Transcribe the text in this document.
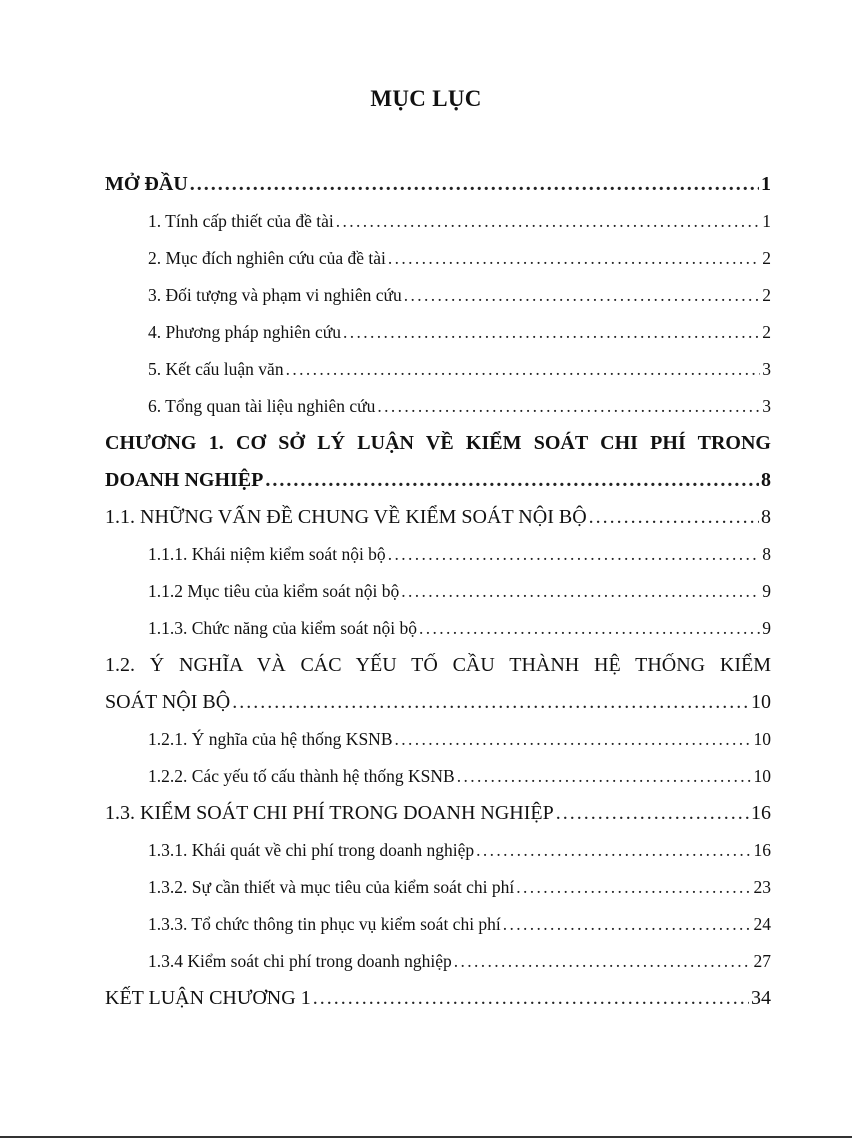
MỤC LỤC
MỞ ĐẦU . . .	1
1. Tính cấp thiết của đề tài . . .	1
2. Mục đích nghiên cứu của đề tài . . .	2
3. Đối tượng và phạm vi nghiên cứu . . .	2
4. Phương pháp nghiên cứu . . .	2
5. Kết cấu luận văn . . .	3
6. Tổng quan tài liệu nghiên cứu . . .	3
CHƯƠNG 1. CƠ SỞ LÝ LUẬN VỀ KIỂM SOÁT CHI PHÍ TRONG
DOANH NGHIỆP . . .	8
1.1. NHỮNG VẤN ĐỀ CHUNG VỀ KIỂM SOÁT NỘI BỘ . . .	8
1.1.1. Khái niệm kiểm soát nội bộ . . .	8
1.1.2 Mục tiêu của kiểm soát nội bộ . . .	9
1.1.3. Chức năng của kiểm soát nội bộ . . .	9
1.2. Ý NGHĨA VÀ CÁC YẾU TỐ CẦU THÀNH HỆ THỐNG KIỂM
SOÁT NỘI BỘ . . .	10
1.2.1. Ý nghĩa của hệ thống KSNB . . .	10
1.2.2. Các yếu tố cấu thành hệ thống KSNB . . .	10
1.3. KIỂM SOÁT CHI PHÍ TRONG DOANH NGHIỆP . . .	16
1.3.1. Khái quát về chi phí trong doanh nghiệp . . .	16
1.3.2. Sự cần thiết và mục tiêu của kiểm soát chi phí . . .	23
1.3.3. Tổ chức thông tin phục vụ kiểm soát chi phí . . .	24
1.3.4 Kiểm soát chi phí trong doanh nghiệp . . .	27
KẾT LUẬN CHƯƠNG 1 . . .	34
